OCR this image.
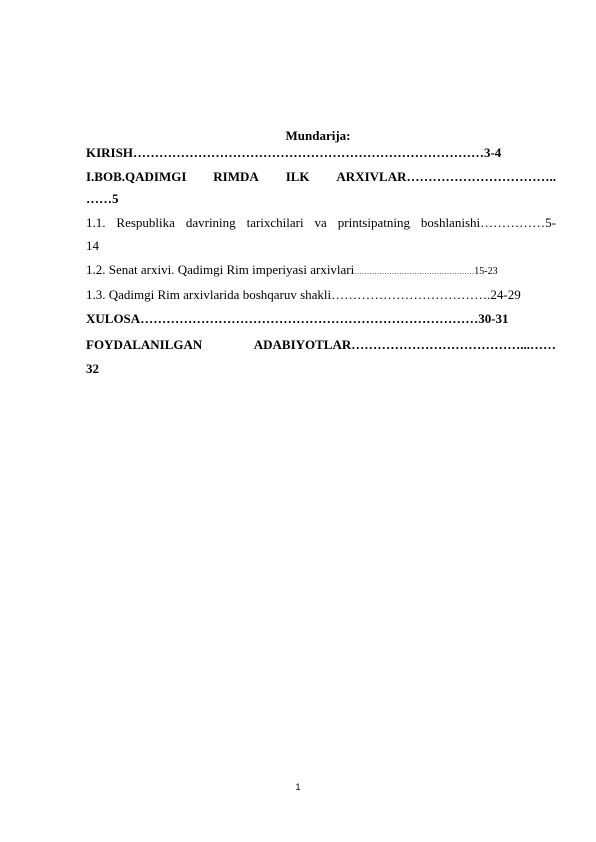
Mundarija:
KIRISH………………………………………………………………………3-4
I.BOB.QADIMGI RIMDA ILK ARXIVLAR……………………………..
……5
1.1. Respublika davrining tarixchilari va printsipatning boshlanishi……………5-
14
1.2. Senat arxivi. Qadimgi Rim imperiyasi arxivlari…………………………………………15-23
1.3. Qadimgi Rim arxivlarida boshqaruv shakli……………………………….24-29
XULOSA……………………………………………………………………30-31
FOYDALANILGAN	ADABIYOTLAR…………………………………...……
32
1
